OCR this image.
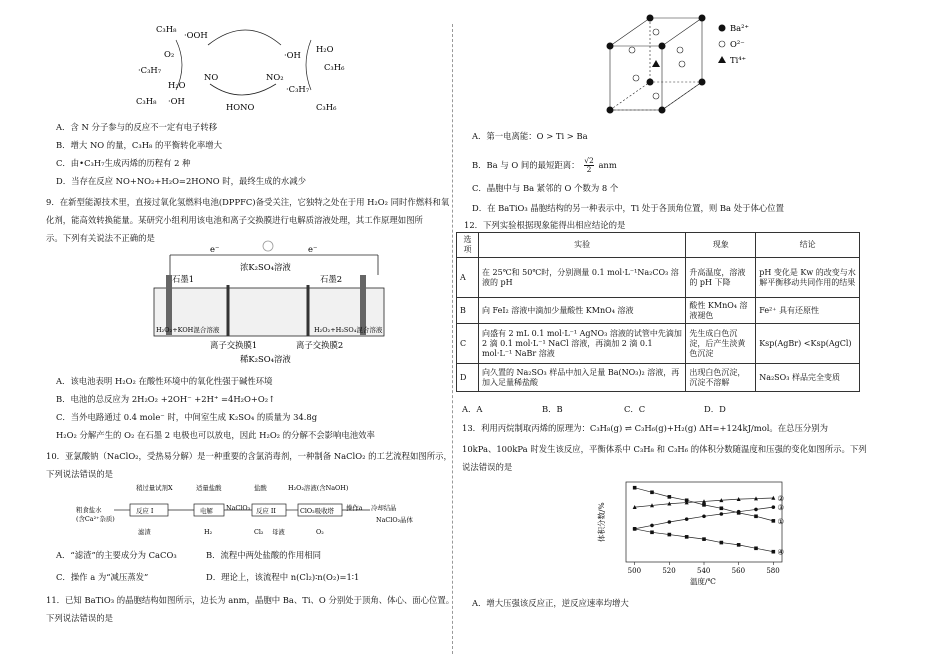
C₃H₈
·OOH
O₂
·C₃H₇
H₂O
C₃H₈ ·OH
NO	NO₂
HONO
·OH
H₂O
·C₃H₇
C₃H₆
C₃H₆
A．含 N 分子参与的反应不一定有电子转移
B．增大 NO 的量，C₃H₈ 的平衡转化率增大
C．由•C₃H₇生成丙烯的历程有 2 种
D．当存在反应 NO+NO₂+H₂O=2HONO 时，最终生成的水减少
9．在新型能源技术里，直接过氧化氢燃料电池(DPPFC)备受关注，它独特之处在于用 H₂O₂ 同时作燃料和氧
化剂，能高效转换能量。某研究小组利用该电池和离子交换膜进行电解质溶液处理，其工作原理如图所
示。下列有关说法不正确的是
e⁻	e⁻
石墨1	石墨2
浓K₂SO₄溶液
H₂O₂+KOH混合溶液	H₂O₂+H₂SO₄混合溶液
离子交换膜1	离子交换膜2
稀K₂SO₄溶液
A．该电池表明 H₂O₂ 在酸性环境中的氧化性强于碱性环境
B．电池的总反应为 2H₂O₂ +2OH⁻ +2H⁺ =4H₂O+O₂↑
C．当外电路通过 0.4 mole⁻ 时，中间室生成 K₂SO₄ 的质量为 34.8g
H₂O₂ 分解产生的 O₂ 在石墨 2 电极也可以放电，因此 H₂O₂ 的分解不会影响电池效率
10．亚氯酸钠（NaClO₂，受热易分解）是一种重要的含氯消毒剂，一种制备 NaClO₂ 的工艺流程如图所示，
下列说法错误的是
稍过量试剂X	适量盐酸	盐酸	H₂O₂溶液(含NaOH)
粗食盐水
(含Ca²⁺杂质)
反应 I	电解 NaClO₃ 反应 II	ClO₂吸收塔 操作a 冷却结晶
NaClO₂晶体
滤渣	H₂	Cl₂ 母液	O₂
A．“滤渣”的主要成分为 CaCO₃	B．流程中两处盐酸的作用相同
C．操作 a 为“减压蒸发”	D．理论上，该流程中 n(Cl₂)∶n(O₂)=1∶1
11．已知 BaTiO₃ 的晶胞结构如图所示，边长为 anm，晶胞中 Ba、Ti、O 分别处于顶角、体心、面心位置。
下列说法错误的是
Ba²⁺
O²⁻
Ti⁴⁺
A．第一电离能：O > Ti > Ba
B．Ba 与 O 间的最短距离： $\frac{√2}{2}$ anm
C．晶胞中与 Ba 紧邻的 O 个数为 8 个
D．在 BaTiO₃ 晶胞结构的另一种表示中，Ti 处于各顶角位置，则 Ba 处于体心位置
12．下列实验根据现象能得出相应结论的是
选项	实验	现象	结论
A	在 25℃和 50℃时，分别测量 0.1 mol·L⁻¹Na₂CO₃ 溶液的 pH	升高温度，溶液的 pH 下降	pH 变化是 Kw 的改变与水解平衡移动共同作用的结果
B	向 FeI₂ 溶液中滴加少量酸性 KMnO₄ 溶液	酸性 KMnO₄ 溶液褪色	Fe²⁺ 具有还原性
C	向盛有 2 mL 0.1 mol·L⁻¹ AgNO₃ 溶液的试管中先滴加 2 滴 0.1 mol·L⁻¹ NaCl 溶液，再滴加 2 滴 0.1 mol·L⁻¹ NaBr 溶液	先生成白色沉淀，后产生淡黄色沉淀	Ksp(AgBr) <Ksp(AgCl)
D	向久置的 Na₂SO₃ 样品中加入足量 Ba(NO₃)₂ 溶液，再加入足量稀盐酸	出现白色沉淀，沉淀不溶解	Na₂SO₃ 样品完全变质
A．A	B．B	C．C	D．D
13．利用丙烷制取丙烯的原理为：C₃H₈(g) ⇌ C₃H₆(g)+H₂(g) ΔH=+124kJ/mol。在总压分别为
10kPa、100kPa 时发生该反应，平衡体系中 C₃H₈ 和 C₃H₆ 的体积分数随温度和压强的变化如图所示。下列
说法错误的是
体积分数/%
温度/℃
500	520	540	560	580
①
②
③
④
A．增大压强该反应正，逆反应速率均增大
